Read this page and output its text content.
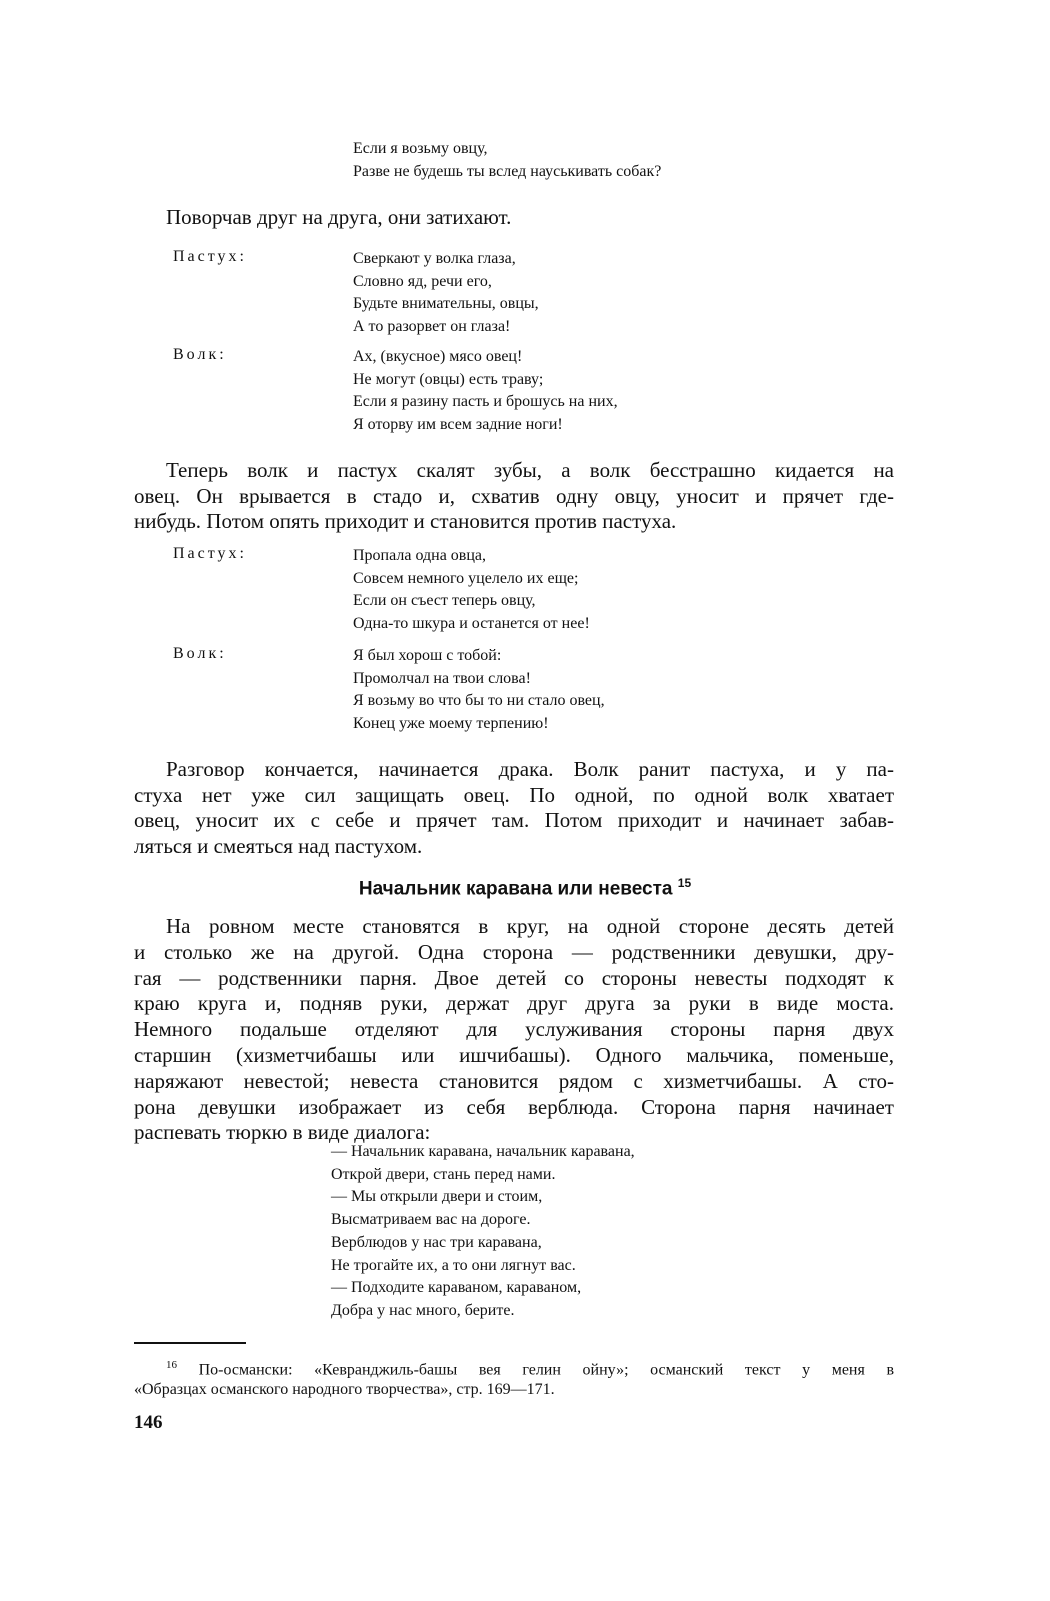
Если я возьму овцу,
Разве не будешь ты вслед науськивать собак?
Поворчав друг на друга, они затихают.
Пастух:	Сверкают у волка глаза,
Словно яд, речи его,
Будьте внимательны, овцы,
А то разорвет он глаза!
Волк:	Ах, (вкусное) мясо овец!
Не могут (овцы) есть траву;
Если я разину пасть и брошусь на них,
Я оторву им всем задние ноги!
Теперь волк и пастух скалят зубы, а волк бесстрашно кидается на
овец. Он врывается в стадо и, схватив одну овцу, уносит и прячет где-
нибудь. Потом опять приходит и становится против пастуха.
Пастух:	Пропала одна овца,
Совсем немного уцелело их еще;
Если он съест теперь овцу,
Одна-то шкура и останется от нее!
Волк:	Я был хорош с тобой:
Промолчал на твои слова!
Я возьму во что бы то ни стало овец,
Конец уже моему терпению!
Разговор кончается, начинается драка. Волк ранит пастуха, и у па-
стуха нет уже сил защищать овец. По одной, по одной волк хватает
овец, уносит их с себе и прячет там. Потом приходит и начинает забав-
ляться и смеяться над пастухом.
Начальник каравана или невеста $^{15}$
На ровном месте становятся в круг, на одной стороне десять детей
и столько же на другой. Одна сторона — родственники девушки, дру-
гая — родственники парня. Двое детей со стороны невесты подходят к
краю круга и, подняв руки, держат друг друга за руки в виде моста.
Немного подальше отделяют для услуживания стороны парня двух
старшин (хизметчибашы или ишчибашы). Одного мальчика, поменьше,
наряжают невестой; невеста становится рядом с хизметчибашы. А сто-
рона девушки изображает из себя верблюда. Сторона парня начинает
распевать тюркю в виде диалога:
— Начальник каравана, начальник каравана,
Открой двери, стань перед нами.
— Мы открыли двери и стоим,
Высматриваем вас на дороге.
Верблюдов у нас три каравана,
Не трогайте их, а то они лягнут вас.
— Подходите караваном, караваном,
Добра у нас много, берите.
$^{16}$ По-османски: «Кевранджиль-башы вея гелин ойну»; османский текст у меня в
«Образцах османского народного творчества», стр. 169—171.
146
